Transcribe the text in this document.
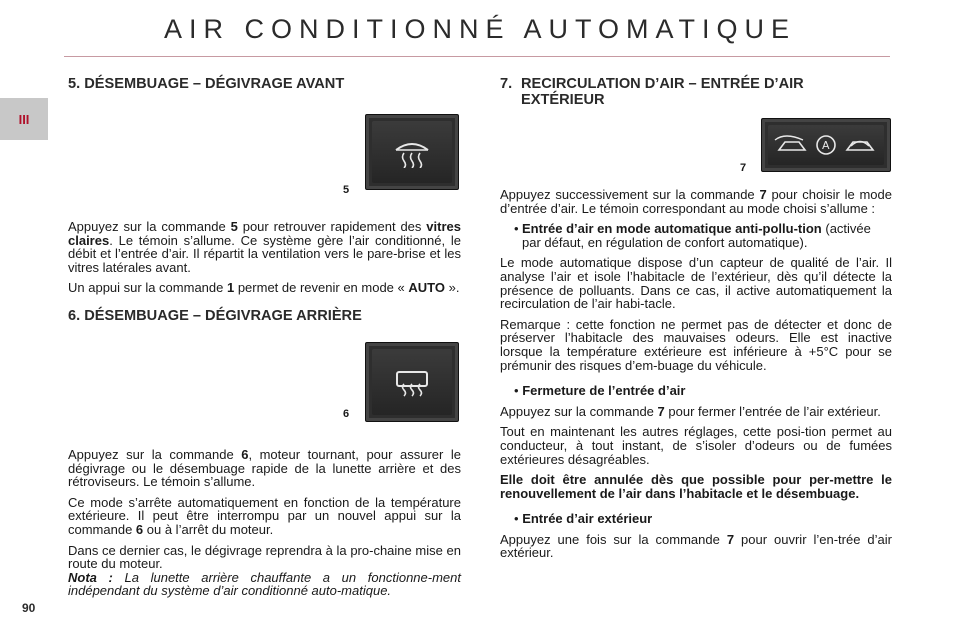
AIR CONDITIONNÉ AUTOMATIQUE
III
90
5. DÉSEMBUAGE – DÉGIVRAGE AVANT
5

Appuyez sur la commande 5 pour retrouver rapidement des vitres claires. Le témoin s’allume. Ce système gère l’air conditionné, le débit et l’entrée d’air. Il répartit la ventilation vers le pare-brise et les vitres latérales avant.

Un appui sur la commande 1 permet de revenir en mode « AUTO ».

6. DÉSEMBUAGE – DÉGIVRAGE ARRIÈRE
6

Appuyez sur la commande 6, moteur tournant, pour assurer le dégivrage ou le désembuage rapide de la lunette arrière et des rétroviseurs. Le témoin s’allume.

Ce mode s’arrête automatiquement en fonction de la température extérieure. Il peut être interrompu par un nouvel appui sur la commande 6 ou à l’arrêt du moteur.

Dans ce dernier cas, le dégivrage reprendra à la pro-chaine mise en route du moteur.

Nota : La lunette arrière chauffante a un fonctionne-ment indépendant du système d’air conditionné auto-matique.
7. RECIRCULATION D’AIR – ENTRÉE D’AIR
EXTÉRIEUR
7
A

Appuyez successivement sur la commande 7 pour choisir le mode d’entrée d’air. Le témoin correspondant au mode choisi s’allume :

• Entrée d’air en mode automatique anti-pollu-tion (activée par défaut, en régulation de confort automatique).

Le mode automatique dispose d’un capteur de qualité de l’air. Il analyse l’air et isole l’habitacle de l’extérieur, dès qu’il détecte la présence de polluants. Dans ce cas, il active automatiquement la recirculation de l’air habi-tacle.

Remarque : cette fonction ne permet pas de détecter et donc de préserver l’habitacle des mauvaises odeurs. Elle est inactive lorsque la température extérieure est inférieure à +5°C pour se prémunir des risques d’em-buage du véhicule.

• Fermeture de l’entrée d’air

Appuyez sur la commande 7 pour fermer l’entrée de l’air extérieur.

Tout en maintenant les autres réglages, cette posi-tion permet au conducteur, à tout instant, de s’isoler d’odeurs ou de fumées extérieures désagréables.

Elle doit être annulée dès que possible pour per-mettre le renouvellement de l’air dans l’habitacle et le désembuage.

• Entrée d’air extérieur

Appuyez une fois sur la commande 7 pour ouvrir l’en-trée d’air extérieur.
